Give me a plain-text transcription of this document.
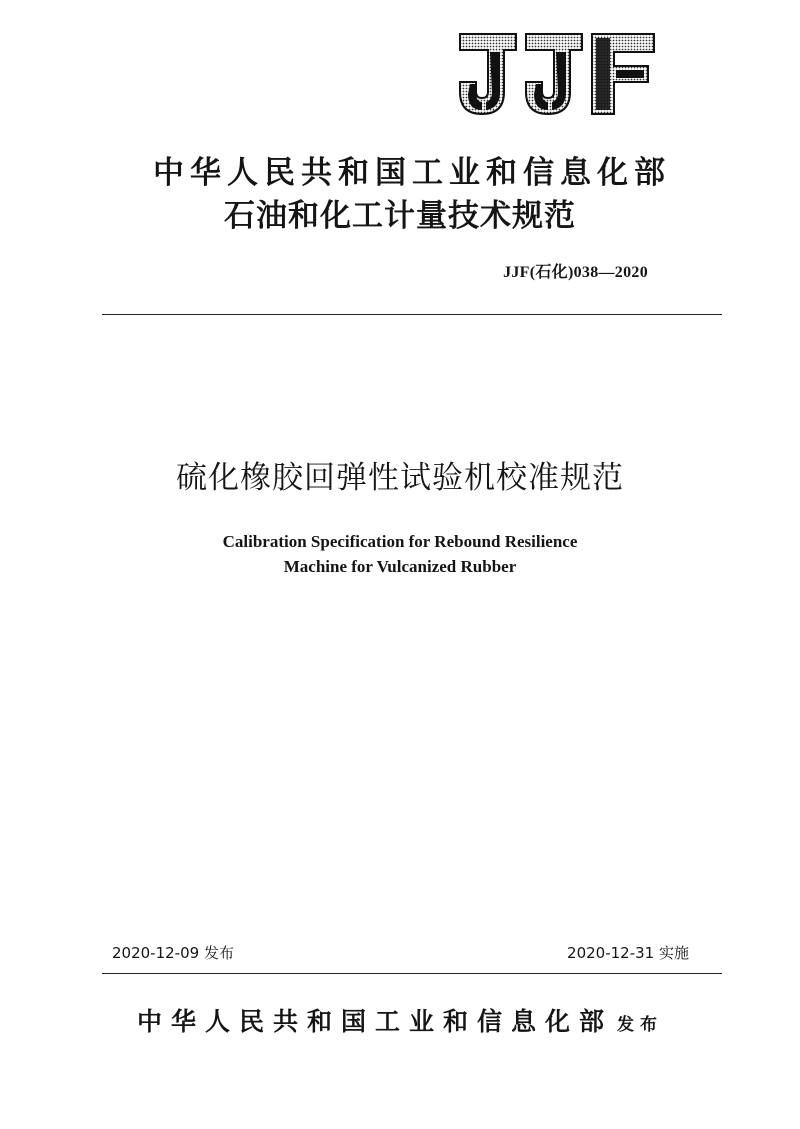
中华人民共和国工业和信息化部
石油和化工计量技术规范
JJF(石化)038—2020
硫化橡胶回弹性试验机校准规范
Calibration Specification for Rebound Resilience
Machine for Vulcanized Rubber
2020-12-09 发布	2020-12-31 实施
中华人民共和国工业和信息化部 发布
